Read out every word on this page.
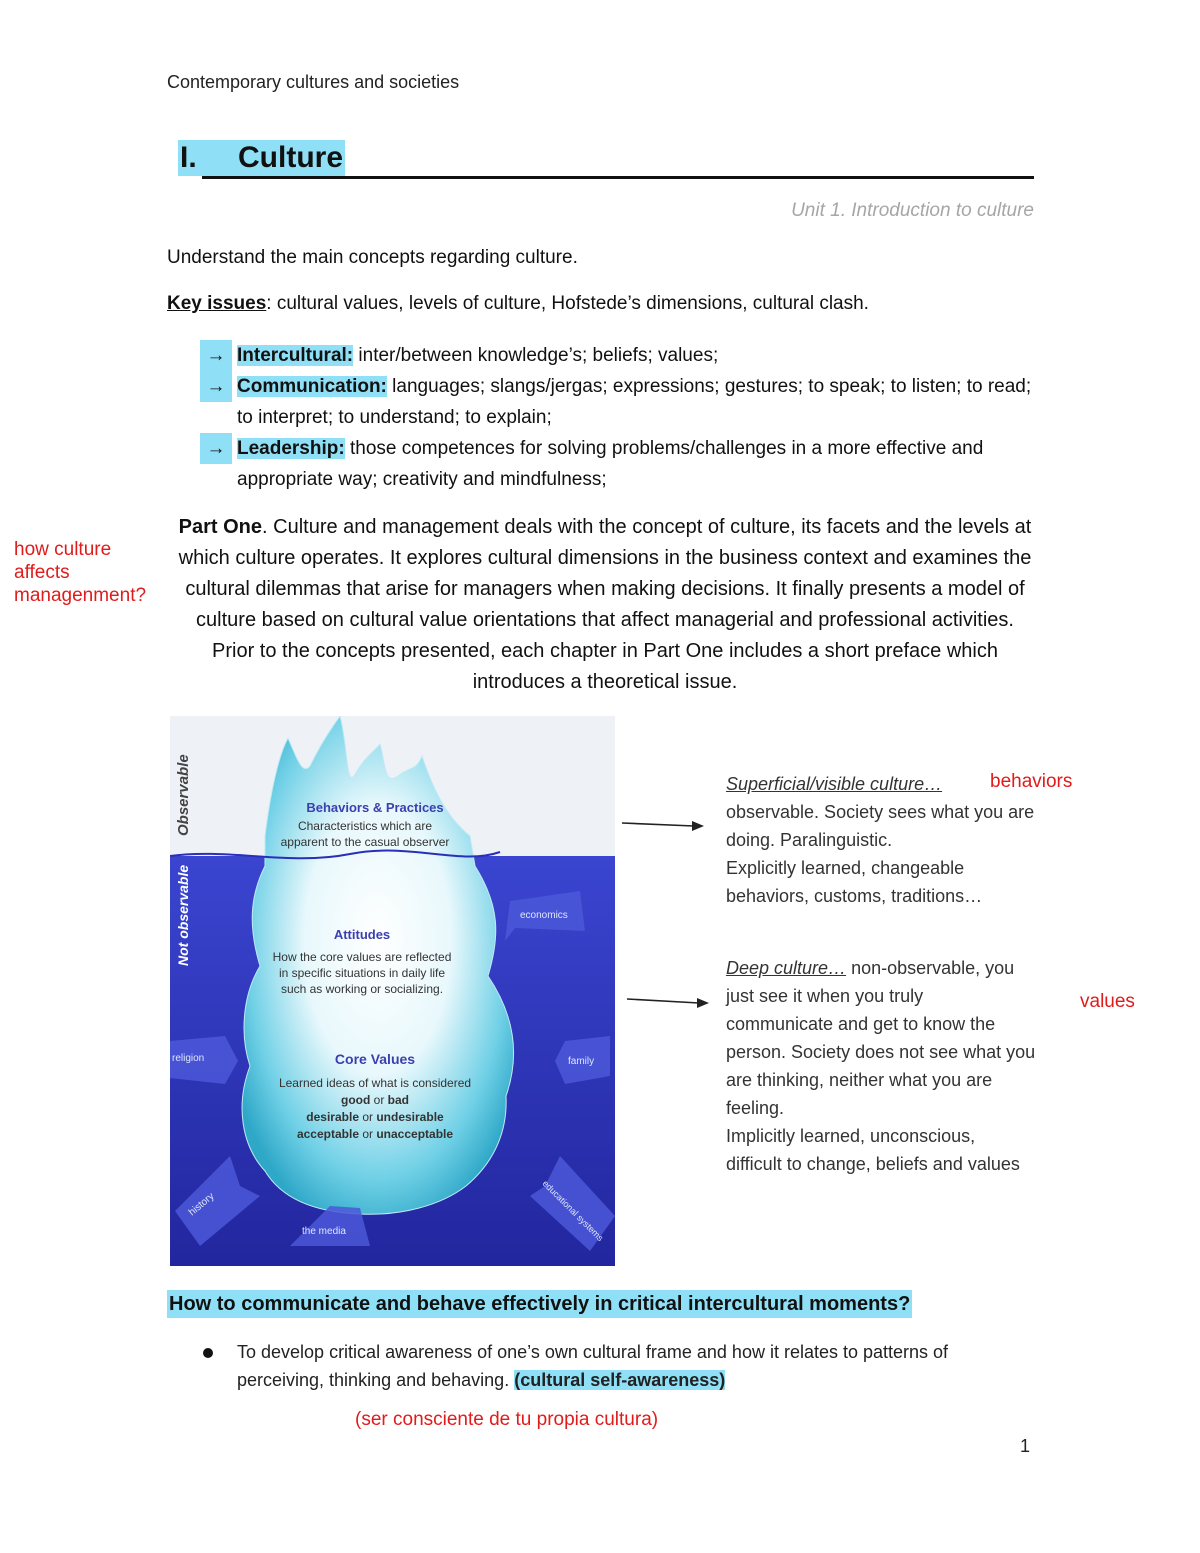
Contemporary cultures and societies
I. Culture
Unit 1. Introduction to culture
Understand the main concepts regarding culture.
Key issues: cultural values, levels of culture, Hofstede’s dimensions, cultural clash.
→ Intercultural: inter/between knowledge’s; beliefs; values;
→ Communication: languages; slangs/jergas; expressions; gestures; to speak; to listen; to read; to interpret; to understand; to explain;
→ Leadership: those competences for solving problems/challenges in a more effective and appropriate way; creativity and mindfulness;
how culture affects managenment?
Part One. Culture and management deals with the concept of culture, its facets and the levels at which culture operates. It explores cultural dimensions in the business context and examines the cultural dilemmas that arise for managers when making decisions. It finally presents a model of culture based on cultural value orientations that affect managerial and professional activities. Prior to the concepts presented, each chapter in Part One includes a short preface which introduces a theoretical issue.
economics
religion	family
history
the media	educational systems
Observable
Not observable
Behaviors & Practices
Characteristics which are
apparent to the casual observer
Attitudes
How the core values are reflected
in specific situations in daily life
such as working or socializing.
Core Values
Learned ideas of what is considered
good or bad
desirable or undesirable
acceptable or unacceptable
Superficial/visible culture…
observable. Society sees what you are
doing. Paralinguistic.
Explicitly learned, changeable
behaviors, customs, traditions…
behaviors
Deep culture… non-observable, you
just see it when you truly
communicate and get to know the
person. Society does not see what you
are thinking, neither what you are
feeling.
Implicitly learned, unconscious,
difficult to change, beliefs and values
values
How to communicate and behave effectively in critical intercultural moments?
To develop critical awareness of one’s own cultural frame and how it relates to patterns of perceiving, thinking and behaving. (cultural self-awareness)
(ser consciente de tu propia cultura)
1
